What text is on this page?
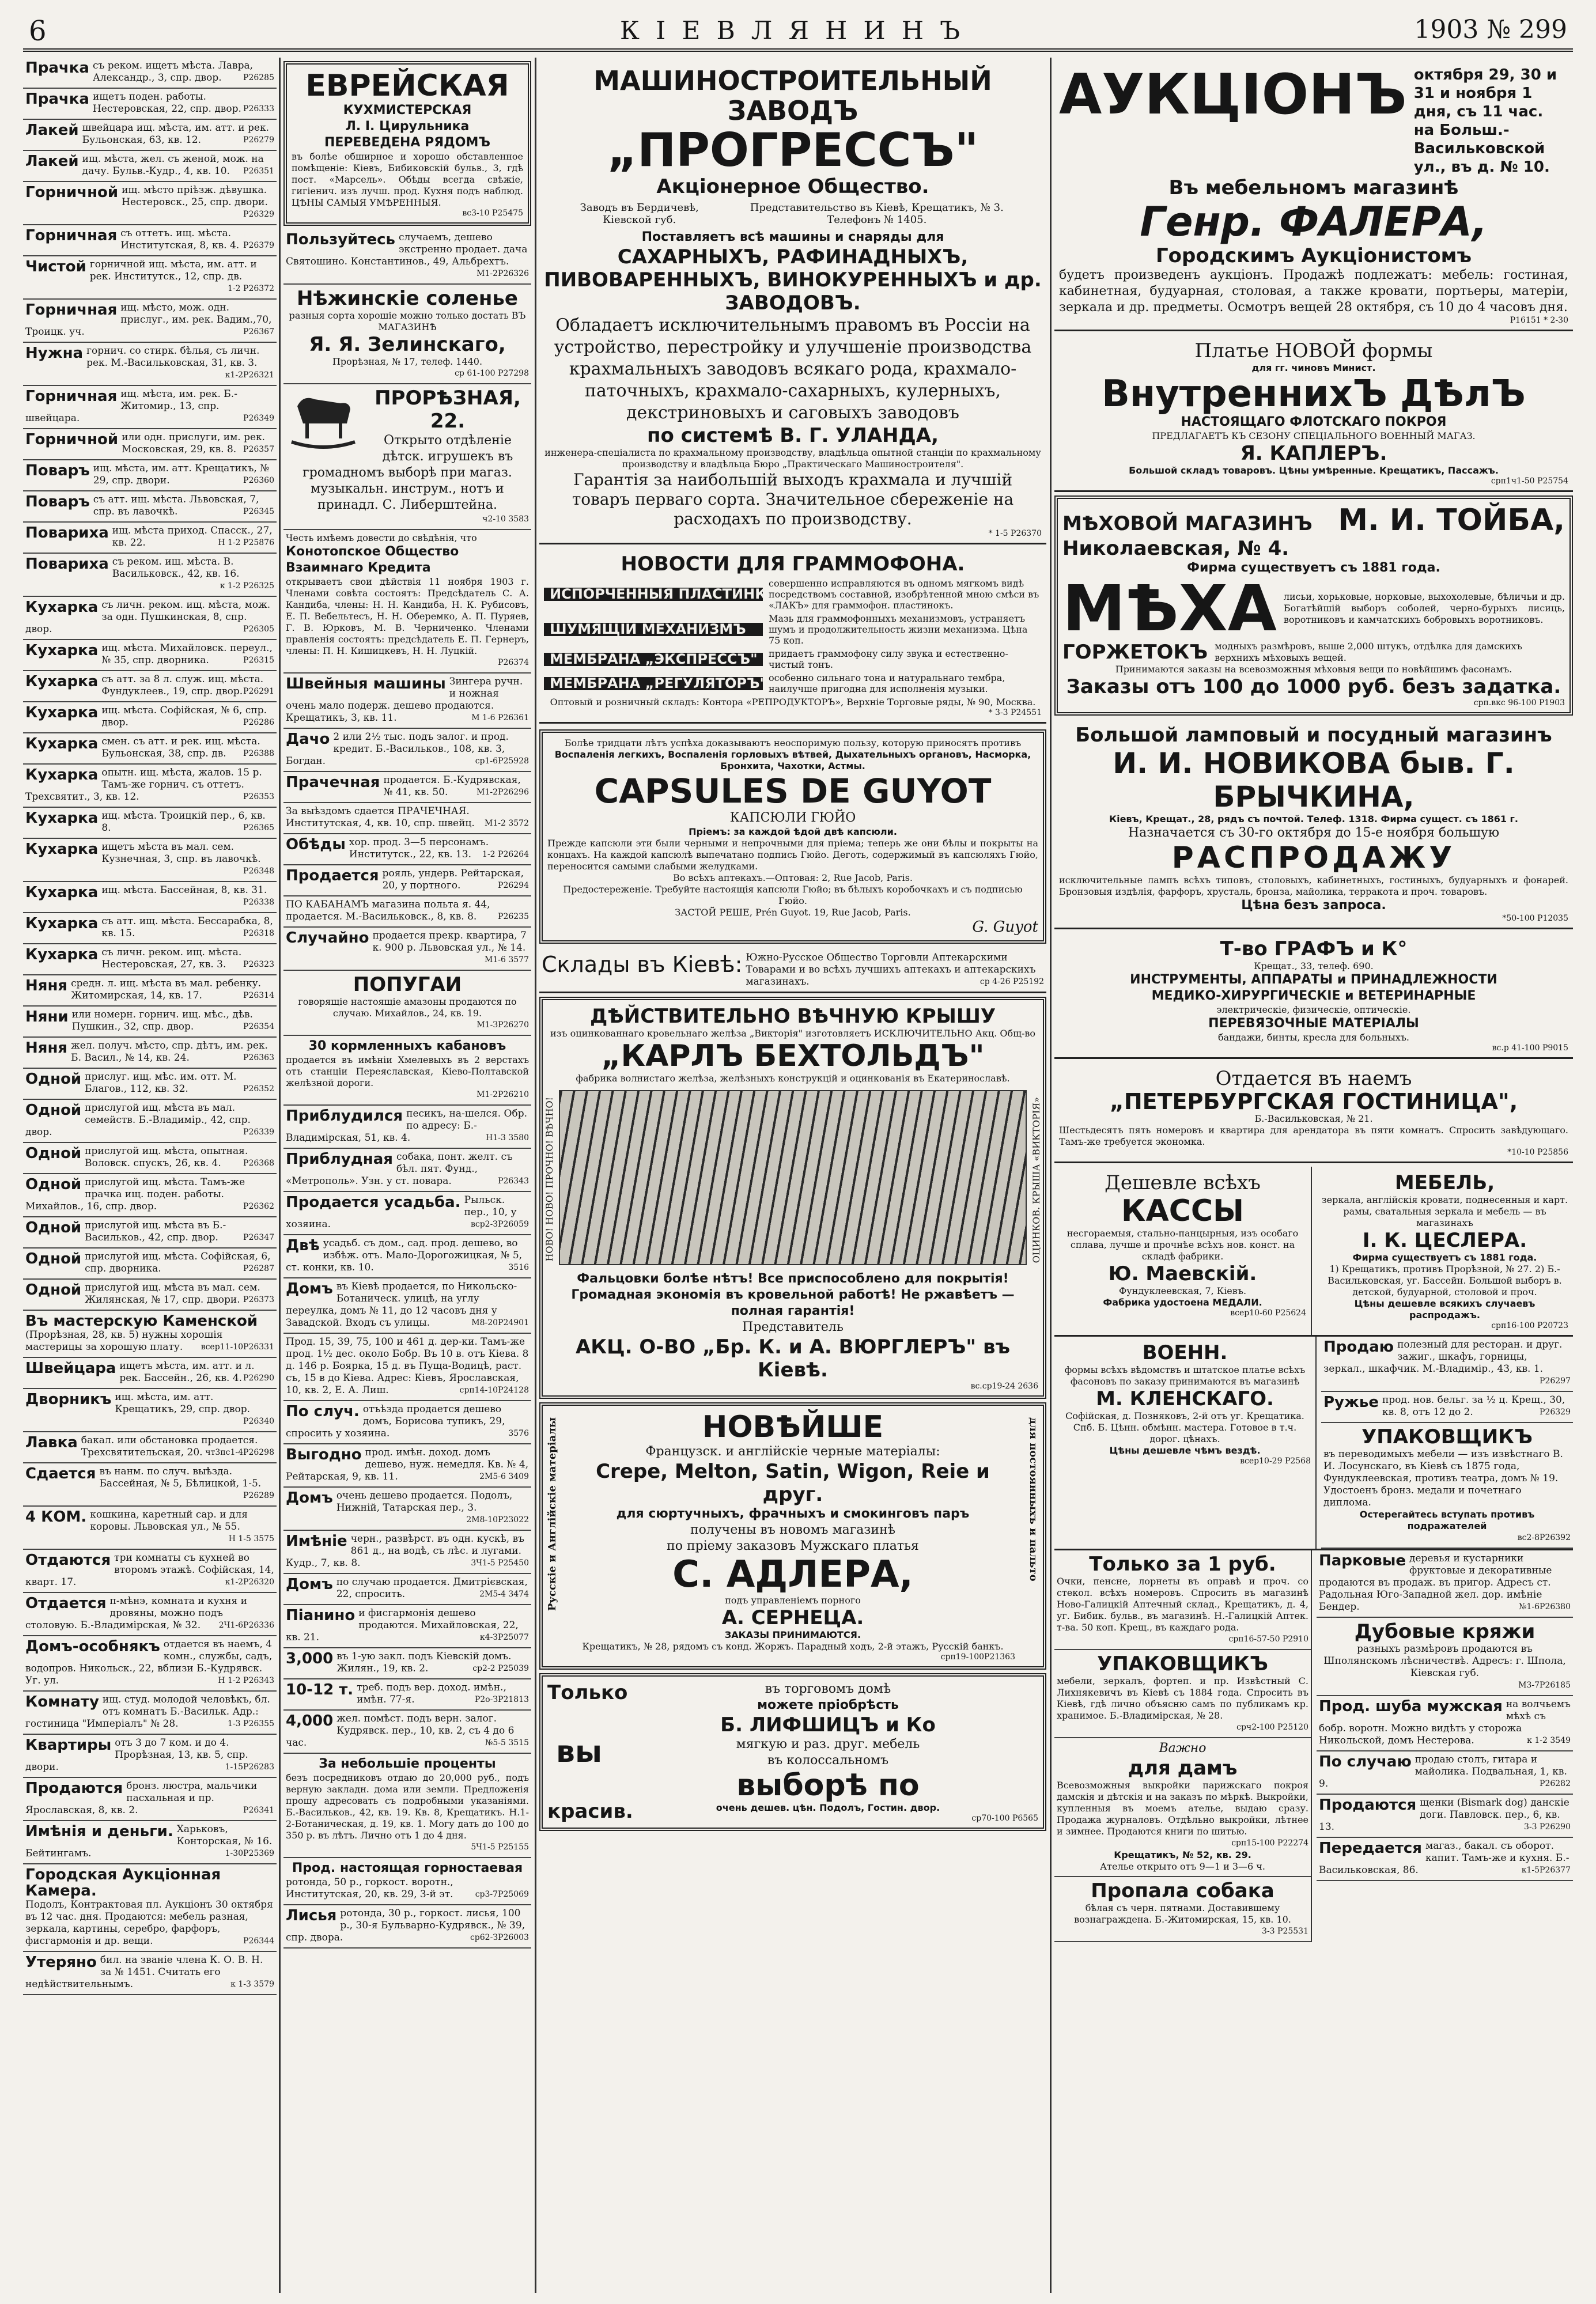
6	КІЕВЛЯНИНЪ	1903 № 299
Прачка съ реком. ищетъ мѣста. Лавра, Александр., 3, спр. двор.	Р26285
Прачка ищетъ поден. работы. Нестеровская, 22, спр. двор. Р26333
Лакей швейцара ищ. мѣста, им. атт. и рек. Бульонская, 63, кв. 12.	Р26279
Лакей ищ. мѣста, жел. съ женой, мож. на дачу. Бульв.-Кудр., 4, кв. 10. Р26351
Горничной ищ. мѣсто пріѣзж. дѣвушка. Нестеровск., 25, спр. двори.
Р26329
Горничная съ оттетъ. ищ. мѣста. Институтская, 8, кв. 4. Р26379
Чистой горничной ищ. мѣста, им. атт. и рек. Институтск., 12, спр. дв.
1-2 Р26372
Горничная ищ. мѣсто, мож. одн. прислуг., им. рек. Вадим.,70, Троицк. уч.	Р26367
Нужна горнич. со стирк. бѣлья, съ личн. рек. М.-Васильковская, 31, кв. 3.
к1-2Р26321
Горничная ищ. мѣста, им. рек. Б.-Житомир., 13, спр. швейцара.	Р26349
Горничной или одн. прислуги, им. рек. Московская, 29, кв. 8. Р26357
Поваръ ищ. мѣста, им. атт. Крещатикъ, № 29, спр. двори.	Р26360
Поваръ съ атт. ищ. мѣста. Львовская, 7, спр. въ лавочкѣ.	Р26345
Повариха ищ. мѣста приход. Спасск., 27, кв. 22.	Н 1-2 Р25876
Повариха съ реком. ищ. мѣста. В. Васильковск., 42, кв. 16.
к 1-2 Р26325
Кухарка съ личн. реком. ищ. мѣста, мож. за одн. Пушкинская, 8, спр. двор.	Р26305
Кухарка ищ. мѣста. Михайловск. переул., № 35, спр. дворника.	Р26315
Кухарка съ атт. за 8 л. служ. ищ. мѣста. Фундуклеев., 19, спр. двор. Р26291
Кухарка ищ. мѣста. Софійская, № 6, спр. двор.	Р26286
Кухарка смен. съ атт. и рек. ищ. мѣста. Бульонская, 38, спр. дв. Р26388
Кухарка опытн. ищ. мѣста, жалов. 15 р. Тамъ-же горнич. съ оттетъ. Трехсвятит., 3, кв. 12.	Р26353
Кухарка ищ. мѣста. Троицкій пер., 6, кв. 8.	Р26365
Кухарка ищетъ мѣста въ мал. сем. Кузнечная, 3, спр. въ лавочкѣ.
Р26348
Кухарка ищ. мѣста. Бассейная, 8, кв. 31.
Р26338
Кухарка съ атт. ищ. мѣста. Бессарабка, 8, кв. 15.	Р26318
Кухарка съ личн. реком. ищ. мѣста. Нестеровская, 27, кв. 3. Р26323
Няня средн. л. ищ. мѣста въ мал. ребенку. Житомирская, 14, кв. 17.	Р26314
Няни или номерн. горнич. ищ. мѣс., дѣв. Пушкин., 32, спр. двор.	Р26354
Няня жел. получ. мѣсто, спр. дѣтъ, им. рек. Б. Васил., № 14, кв. 24.	Р26363
Одной прислуг. ищ. мѣс. им. отт. М. Благов., 112, кв. 32.	Р26352
Одной прислугой ищ. мѣста въ мал. семейств. Б.-Владимір., 42, спр. двор.	Р26339
Одной прислугой ищ. мѣста, опытная. Воловск. спускъ, 26, кв. 4.	Р26368
Одной прислугой ищ. мѣста. Тамъ-же прачка ищ. поден. работы. Михайлов., 16, спр. двор.	Р26362
Одной прислугой ищ. мѣста въ Б.-Васильков., 42, спр. двор.	Р26347
Одной прислугой ищ. мѣста. Софійская, 6, спр. дворника.	Р26287
Одной прислугой ищ. мѣста въ мал. сем. Жилянская, № 17, спр. двори. Р26373
Въ мастерскую Каменской
(Прорѣзная, 28, кв. 5) нужны хорошія мастерицы за хорошую плату. всер11-10Р26331
Швейцара ищетъ мѣста, им. атт. и л. рек. Бассейн., 26, кв. 4. Р26290
Дворникъ ищ. мѣста, им. атт. Крещатикъ, 29, спр. двор.
Р26340
Лавка бакал. или обстановка продается. Трехсвятительская, 20. чт3пс1-4Р26298
Сдается въ нанм. по случ. выѣзда. Бассейная, № 5, Бѣлицкой, 1-5.
Р26289
4 КОМ. кошкина, каретный сар. и для коровы. Львовская ул., № 55.
Н 1-5 3575
Отдаются три комнаты съ кухней во второмъ этажѣ. Софійская, 14, кварт. 17.	к1-2Р26320
Отдается п-мѣнэ, комната и кухня и дровяны, можно подъ столовую. Б.-Владимірская, № 32. 2Ч1-6Р26336
Домъ-особнякъ отдается въ наемъ, 4 комн., службы, садъ, водопров. Никольск., 22, вблизи Б.-Кудрявск. Уг. ул.	Н 1-2 Р26343
Комнату ищ. студ. молодой человѣкъ, бл. отъ комнатъ Б.-Васильк. Адр.: гостиница "Имперіалъ" № 28.	1-3 Р26355
Квартиры отъ 3 до 7 ком. и до 4. Прорѣзная, 13, кв. 5, спр. двори.	1-15Р26283
Продаются бронз. люстра, мальчики пасхальная и пр. Ярославская, 8, кв. 2.	Р26341
Имѣнія и деньги. Харьковъ, Конторская, № 16. Бейтингамъ.	1-30Р25369
Городская Аукціонная Камера.
Подолъ, Контрактовая пл. Аукціонъ 30 октября въ 12 час. дня. Продаются: мебель разная, зеркала, картины, серебро, фарфоръ, фисгармонія и др. вещи.	Р26344
Утеряно бил. на званіе члена К. О. В. Н. за № 1451. Считать его недѣйствительнымъ.	к 1-3 3579
ЕВРЕЙСКАЯ
КУХМИСТЕРСКАЯ
Л. І. Цирульника
ПЕРЕВЕДЕНА РЯДОМЪ
въ болѣе обширное и хорошо обставленное помѣщеніе: Кіевъ, Бибиковскій бульв., 3, гдѣ пост. «Марсель». Обѣды всегда свѣжіе, гигіенич. изъ лучш. прод. Кухня подъ наблюд. ЦѢНЫ САМЫЯ УМѢРЕННЫЯ.
вс3-10 Р25475
Пользуйтесь случаемъ, дешево экстренно продает. дача Святошино. Константинов., 49, Альбрехтъ.
М1-2Р26326
Нѣжинскіе соленье
разныя сорта хорошіе можно только достать ВЪ МАГАЗИНѢ
Я. Я. Зелинскаго,
Прорѣзная, № 17, телеф. 1440.
ср 61-100 Р27298
ПРОРѢЗНАЯ, 22.
Открыто отдѣленіе дѣтск. игрушекъ въ громадномъ выборѣ при магаз. музыкальн. инструм., нотъ и принадл. С. Либерштейна.
ч2-10 3583
Честь имѣемъ довести до свѣдѣнія, что
Конотопское Общество Взаимнаго Кредита
открываетъ свои дѣйствія 11 ноября 1903 г. Членами совѣта состоятъ: Предсѣдатель С. А. Кандиба, члены: Н. Н. Кандиба, Н. К. Рубисовъ, Е. П. Вебельтесъ, Н. Н. Оберемко, А. П. Пуряев, Г. В. Юрковъ, М. В. Черниченко. Членами правленія состоятъ: предсѣдатель Е. П. Гернеръ, члены: П. Н. Кишицкевъ, Н. Н. Луцкій.
Р26374
Швейныя машины Зингера ручн. и ножная очень мало подерж. дешево продаются. Крещатикъ, 3, кв. 11.	М 1-6 Р26361
Дачо 2 или 2½ тыс. подъ залог. и прод. кредит. Б.-Васильков., 108, кв. 3, Богдан.	ср1-6Р25928
Прачечная продается. Б.-Кудрявская, № 41, кв. 50.	М1-2Р26296
За выѣздомъ сдается ПРАЧЕЧНАЯ. Институтская, 4, кв. 10, спр. швейц. М1-2 3572
Обѣды хор. прод. 3—5 персонамъ. Институтск., 22, кв. 13. 1-2 Р26264
Продается рояль, ундерв. Рейтарская, 20, у портного.	Р26294
ПО КАБАНАМЪ магазина польта я. 44, продается. М.-Васильковск., 8, кв. 8.	Р26235
Случайно продается прекр. квартира, 7 к. 900 р. Львовская ул., № 14.
М1-6 3577
ПОПУГАИ
говорящіе настоящіе амазоны продаются по случаю. Михайлов., 24, кв. 19.
М1-ЗР26270
30 кормленныхъ кабановъ
продается въ имѣніи Хмелевыхъ въ 2 верстахъ отъ станціи Переяславская, Кіево-Полтавской желѣзной дороги.
М1-2Р26210
Приблудился песикъ, на-шелся. Обр. по адресу: Б.-Владимірская, 51, кв. 4.	Н1-3 3580
Приблудная собака, понт. желт. съ бѣл. пят. Фунд., «Метрополь». Узн. у ст. повара.	Р26343
Продается усадьба. Рыльск. пер., 10, у хозяина.	вср2-ЗР26059
Двѣ усадьб. съ дом., сад. прод. дешево, во избѣж. отъ. Мало-Дорогожицкая, № 5, ст. конки, кв. 10.	3516
Домъ въ Кіевѣ продается, по Никольско-Ботаническ. улицѣ, на углу переулка, домъ № 11, до 12 часовъ дня у Завадской. Входъ съ улицы.	М8-20Р24901
Прод. 15, 39, 75, 100 и 461 д. дер-ки. Тамъ-же прод. 1½ дес. около Бобр. Въ 10 в. отъ Кіева. 8 д. 146 р. Боярка, 15 д. въ Пуща-Водицѣ, раст. съ, 15 в до Кіева. Адрес: Кіевъ, Ярославская, 10, кв. 2, Е. А. Лиш.	срп14-10Р24128
По случ. отъѣзда продается дешево домъ, Борисова тупикъ, 29, спросить у хозяина.	3576
Выгодно прод. имѣн. доход. домъ дешево, нуж. немедля. Кв. № 4, Рейтарская, 9, кв. 11.	2М5-6 3409
Домъ очень дешево продается. Подолъ, Нижній, Татарская пер., 3.
2М8-10Р23022
Имѣніе черн., развѣрст. въ одн. кускѣ, въ 861 д., на водѣ, съ лѣс. и лугами. Кудр., 7, кв. 8.	3Ч1-5 Р25450
Домъ по случаю продается. Дмитрієвская, 22, спросить.	2М5-4 3474
Піанино и фисгармонія дешево продаются. Михайловская, 22, кв. 21.	к4-ЗР25077
3,000 въ 1-ую закл. подъ Кіевскій домъ. Жилян., 19, кв. 2.	ср2-2 Р25039
10-12 т. треб. подъ вер. доход. имѣн., имѣн. 77-я.	Р2о-ЗР21813
4,000 жел. помѣст. подъ верн. залог. Кудрявск. пер., 10, кв. 2, съ 4 до 6 час.	№5-5 3515
За небольшіе проценты
безъ посредниковъ отдаю до 20,000 руб., подъ верную закладн. дома или земли. Предложенія прошу адресовать съ подробными указаніями. Б.-Васильков., 42, кв. 19. Кв. 8, Крещатикъ. Н.1-2-Ботаническая, д. 19, кв. 1. Могу дать до 100 до 350 р. въ лѣтъ. Лично отъ 1 до 4 дня.
5Ч1-5 Р25155
Прод. настоящая горностаевая
ротонда, 50 р., горкост. воротн., Институтская, 20, кв. 29, 3-й эт.	ср3-7Р25069
Лисья ротонда, 30 р., горкост. лисья, 100 р., 30-я Бульварно-Кудрявск., № 39, спр. двора.	ср62-ЗР26003
МАШИНОСТРОИТЕЛЬНЫЙ ЗАВОДЪ
„ПРОГРЕССЪ"
Акціонерное Общество.
Заводъ въ Бердичевѣ, Кіевской губ.
Представительство въ Кіевѣ, Крещатикъ, № 3. Телефонъ № 1405.
Поставляетъ всѣ машины и снаряды для
САХАРНЫХЪ, РАФИНАДНЫХЪ, ПИВОВАРЕННЫХЪ, ВИНОКУРЕННЫХЪ и др. ЗАВОДОВЪ.
Обладаетъ исключительнымъ правомъ въ Россіи на устройство, перестройку и улучшеніе производства крахмальныхъ заводовъ всякаго рода, крахмало-паточныхъ, крахмало-сахарныхъ, кулерныхъ, декстриновыхъ и саговыхъ заводовъ
по системѣ В. Г. УЛАНДА,
инженера-спеціалиста по крахмальному производству, владѣльца опытной станціи по крахмальному производству и владѣльца Бюро „Практическаго Машиностроителя".
Гарантія за наибольшій выходъ крахмала и лучшій товаръ перваго сорта. Значительное сбереженіе на расходахъ по производству.
* 1-5 Р26370
НОВОСТИ ДЛЯ ГРАММОФОНА.
ИСПОРЧЕННЫЯ ПЛАСТИНКИ
совершенно исправляются въ одномъ мягкомъ видѣ посредствомъ составной, изобрѣтенной мною смѣси въ «ЛАКЪ» для граммофон. пластинокъ.
ШУМЯЩІЙ МЕХАНИЗМЪ
Мазь для граммофонныхъ механизмовъ, устраняетъ шумъ и продолжительность жизни механизма. Цѣна 75 коп.
МЕМБРАНА „ЭКСПРЕССЪ"	придаетъ граммофону силу звука и естественно-чистый тонъ.
МЕМБРАНА „РЕГУЛЯТОРЪ" особенно сильнаго тона и натуральнаго тембра, наилучше пригодна для исполненія музыки.
Оптовый и розничный складъ: Контора «РЕПРОДУКТОРЪ», Верхніе Торговые ряды, № 90, Москва.
* 3-3 Р24551
Болѣе тридцати лѣтъ успѣха доказываютъ неоспоримую пользу, которую приносятъ противъ
Воспаленія легкихъ, Воспаленія горловыхъ вѣтвей, Дыхательныхъ органовъ, Насморка, Бронхита, Чахотки, Астмы.
CAPSULES DE GUYOT
КАПСЮЛИ ГЮЙО
Пріемъ: за каждой ѣдой двѣ капсюли.
Прежде капсюли эти были черными и непрочными для пріема; теперь же они бѣлы и покрыты на концахъ. На каждой капсюлѣ выпечатано подпись Гюйо. Деготь, содержимый въ капсюляхъ Гюйо, переносится самыми слабыми желудками.
Во всѣхъ аптекахъ.—Оптовая: 2, Rue Jacob, Paris.
Предостереженіе. Требуйте настоящія капсюли Гюйо; въ бѣлыхъ коробочкахъ и съ подписью Гюйо.
ЗАСТОЙ РЕШЕ, Prén Guyot. 19, Rue Jacob, Paris.
G. Guyot
Склады въ Кіевѣ: Южно-Русское Общество Торговли Аптекарскими Товарами и во всѣхъ лучшихъ аптекахъ и аптекарскихъ магазинахъ.	ср 4-26 Р25192
ДѢЙСТВИТЕЛЬНО ВѢЧНУЮ КРЫШУ
изъ оцинкованнаго кровельнаго желѣза „Викторія" изготовляетъ ИСКЛЮЧИТЕЛЬНО Акц. Общ-во
„КАРЛЪ БЕХТОЛЬДЪ"
фабрика волнистаго желѣза, желѣзныхъ конструкцій и оцинкованія въ Екатеринославѣ.
НОВО! НОВО! ПРОЧНО! ВѢЧНО!	ОЦИНКОВ. КРЫША «ВИКТОРІЯ»
Фальцовки болѣе нѣтъ! Все приспособлено для покрытія! Громадная экономія въ кровельной работѣ! Не ржавѣетъ — полная гарантія!
Представитель
АКЦ. О-ВО „Бр. К. и А. ВЮРГЛЕРЪ" въ Кіевѣ.
вс.ср19-24 2636
Русскіе и Англійскіе матеріалы	для постоянныхъ и пальто
НОВѢЙШЕ
Французск. и англійскіе черные матеріалы:
Crepe, Melton, Satin, Wigon, Reie и друг.
для сюртучныхъ, фрачныхъ и смокинговъ паръ
получены въ новомъ магазинѣ
по пріему заказовъ Мужскаго платья
С. АДЛЕРА,
подъ управленіемъ порного
А. СЕРНЕЦА.
ЗАКАЗЫ ПРИНИМАЮТСЯ.
Крещатикъ, № 28, рядомъ съ конд. Жоржъ. Парадный ходъ, 2-й этажъ, Русскій банкъ.
срп19-100Р21363
Только
вы
красив.
въ торговомъ домѣ
можете пріобрѣсть
Б. ЛИФШИЦЪ и Ко
мягкую и раз. друг. мебель
въ колоссальномъ
выборѣ по
очень дешев. цѣн. Подолъ, Гостин. двор.
ср70-100 Р6565
АУКЦІОНЪ октября 29, 30 и 31 и ноября 1 дня, съ 11 час. на Больш.-Васильковской ул., въ д. № 10.
Въ мебельномъ магазинѣ
Генр. ФАЛЕРА,
Городскимъ Аукціонистомъ
будетъ произведенъ аукціонъ. Продажѣ подлежатъ: мебель: гостиная, кабинетная, будуарная, столовая, а также кровати, портьеры, матеріи, зеркала и др. предметы. Осмотръ вещей 28 октября, съ 10 до 4 часовъ дня.
Р16151 * 2-30
Платье НОВОЙ формы
для гг. чиновъ Минист.
ВнутреннихЪ ДѢлЪ
НАСТОЯЩАГО ФЛОТСКАГО ПОКРОЯ
ПРЕДЛАГАЕТЪ КЪ СЕЗОНУ СПЕЦІАЛЬНОГО ВОЕННЫЙ МАГАЗ.
Я. КАПЛЕРЪ.
Большой складъ товаровъ. Цѣны умѣренные. Крещатикъ, Пассажъ.
срп1ч1-50 Р25754
МѢХОВОЙ МАГАЗИНЪ М. И. ТОЙБА,
Николаевская, № 4.
Фирма существуетъ съ 1881 года.
МѢХА лисьи, хорьковые, норковые, выхохолевые, бѣличьи и др. Богатѣйшій выборъ соболей, черно-бурыхъ лисиць, воротниковъ и камчатскихъ бобровыхъ воротниковъ.
ГОРЖЕТОКЪ модныхъ размѣровъ, выше 2,000 штукъ, отдѣлка для дамскихъ верхнихъ мѣховыхъ вещей.
Принимаются заказы на всевозможныя мѣховыя вещи по новѣйшимъ фасонамъ.
Заказы отъ 100 до 1000 руб. безъ задатка.
срп.вкс 96-100 Р1903
Большой ламповый и посудный магазинъ
И. И. НОВИКОВА быв. Г. БРЫЧКИНА,
Кіевъ, Крещат., 28, рядъ съ почтой. Телеф. 1318. Фирма сущест. съ 1861 г.
Назначается съ 30-го октября до 15-е ноября большую
РАСПРОДАЖУ
исключительные лампъ всѣхъ типовъ, столовыхъ, кабинетныхъ, гостиныхъ, будуарныхъ и фонарей. Бронзовыя издѣлія, фарфоръ, хрусталь, бронза, майолика, терракота и проч. товаровъ.
Цѣна безъ запроса.
*50-100 Р12035
Т-во ГРАФЪ и К°
Крещат., 33, телеф. 690.
ИНСТРУМЕНТЫ, АППАРАТЫ и ПРИНАДЛЕЖНОСТИ
МЕДИКО-ХИРУРГИЧЕСКІЕ и ВЕТЕРИНАРНЫЕ
электрическіе, физическіе, оптическіе.
ПЕРЕВЯЗОЧНЫЕ МАТЕРІАЛЫ
бандажи, бинты, кресла для больныхъ.
вс.р 41-100 Р9015
Отдается въ наемъ
„ПЕТЕРБУРГСКАЯ ГОСТИНИЦА",
Б.-Васильковская, № 21.
Шестьдесятъ пять номеровъ и квартира для арендатора въ пяти комнатъ. Спросить завѣдующаго. Тамъ-же требуется экономка.
*10-10 Р25856
Дешевле всѣхъ
КАССЫ
несгораемыя, стально-панцырныя, изъ особаго сплава, лучше и прочнѣе всѣхъ нов. конст. на складѣ фабрики.
Ю. Маевскій.
Фундуклеевская, 7, Кіевъ.
Фабрика удостоена МЕДАЛИ.
всер10-60 Р25624
МЕБЕЛЬ,
зеркала, англійскія кровати, поднесенныя и карт. рамы, сватальныя зеркала и мебель — въ магазинахъ
І. К. ЦЕСЛЕРА.
Фирма существуетъ съ 1881 года.
1) Крещатикъ, противъ Прорѣзной, № 27. 2) Б.-Васильковская, уг. Бассейн. Большой выборъ в. детской, будуарной, столовой и проч.
Цѣны дешевле всякихъ случаевъ распродажъ.
срп16-100 Р20723
ВОЕНН.
формы всѣхъ вѣдомствъ и штатское платье всѣхъ фасоновъ по заказу принимаются въ магазинѣ
М. КЛЕНСКАГО.
Софійская, д. Позняковъ, 2-й отъ уг. Крещатика. Спб. Б. Цѣнн. обмѣнн. мастера. Готовое в т.ч. дорог. цѣнахъ.
Цѣны дешевле чѣмъ вездѣ.
всер10-29 Р2568
Продаю полезный для ресторан. и друг. зажиг., шкафъ, горницы, зеркал., шкафчик. М.-Владимір., 43, кв. 1.
Р26297
Ружье прод. нов. бельг. за ½ ц. Крещ., 30, кв. 8, отъ 12 до 2.	Р26329
УПАКОВЩИКЪ
въ переводимыхъ мебели — изъ извѣстнаго В. И. Лосунскаго, въ Кіевѣ съ 1875 года, Фундуклеевская, противъ театра, домъ № 19. Удостоенъ бронз. медали и почетнаго диплома.
Остерегайтесь вступать противъ подражателей
вс2-8Р26392
Только за 1 руб.
Очки, пенсне, лорнеты въ оправѣ и проч. со стекол. всѣхъ номеровъ. Спросить въ магазинѣ Ново-Галицкій Аптечный склад., Крещатикъ, д. 4, уг. Бибик. бульв., въ магазинѣ. Н.-Галицкій Аптек. т-ва. 50 коп. Крещ., въ каждаго рода.
срп16-57-50 Р2910
УПАКОВЩИКЪ
мебели, зеркалъ, фортеп. и пр. Извѣстный С. Лихнякевичъ въ Кіевѣ съ 1884 года. Спросить въ Кіевѣ, гдѣ лично объясню самъ по публикамъ кр. хранимое. Б.-Владимірская, № 28.
срч2-100 Р25120
Важно
для дамъ
Всевозможныя выкройки парижскаго покроя дамскія и дѣтскія и на заказъ по мѣркѣ. Выкройки, купленныя въ моемъ ателье, выдаю сразу. Продажа журналовъ. Отдѣльно выкройки, лѣтнее и зимнее. Продаются книги по шитью.
срп15-100 Р22274
Крещатикъ, № 52, кв. 29.
Ателье открыто отъ 9—1 и 3—6 ч.
Пропала собака
бѣлая съ черн. пятнами. Доставившему вознаграждена. Б.-Житомирская, 15, кв. 10.
3-3 Р25531
Парковые деревья и кустарники фруктовые и декоративные продаются въ продаж. въ пригор. Адресъ ст. Радольная Юго-Западной жел. дор. имѣніе Бендер.	№1-6Р26380
Дубовые кряжи
разныхъ размѣровъ продаются въ Шполянскомъ лѣсничествѣ. Адресъ: г. Шпола, Кіевская губ.
М3-7Р26185
Прод. шуба мужская на волчьемъ мѣхѣ съ бобр. воротн. Можно видѣть у сторожа Никольской, домъ Нестерова.	к 1-2 3549
По случаю продаю столъ, гитара и майолика. Подвальная, 1, кв. 9.	Р26282
Продаются щенки (Bismark dog) данскіе доги. Павловск. пер., 6, кв. 13.	3-3 Р26290
Передается магаз., бакал. съ оборот. капит. Тамъ-же и кухня. Б.-Васильковская, 86.	к1-5Р26377
